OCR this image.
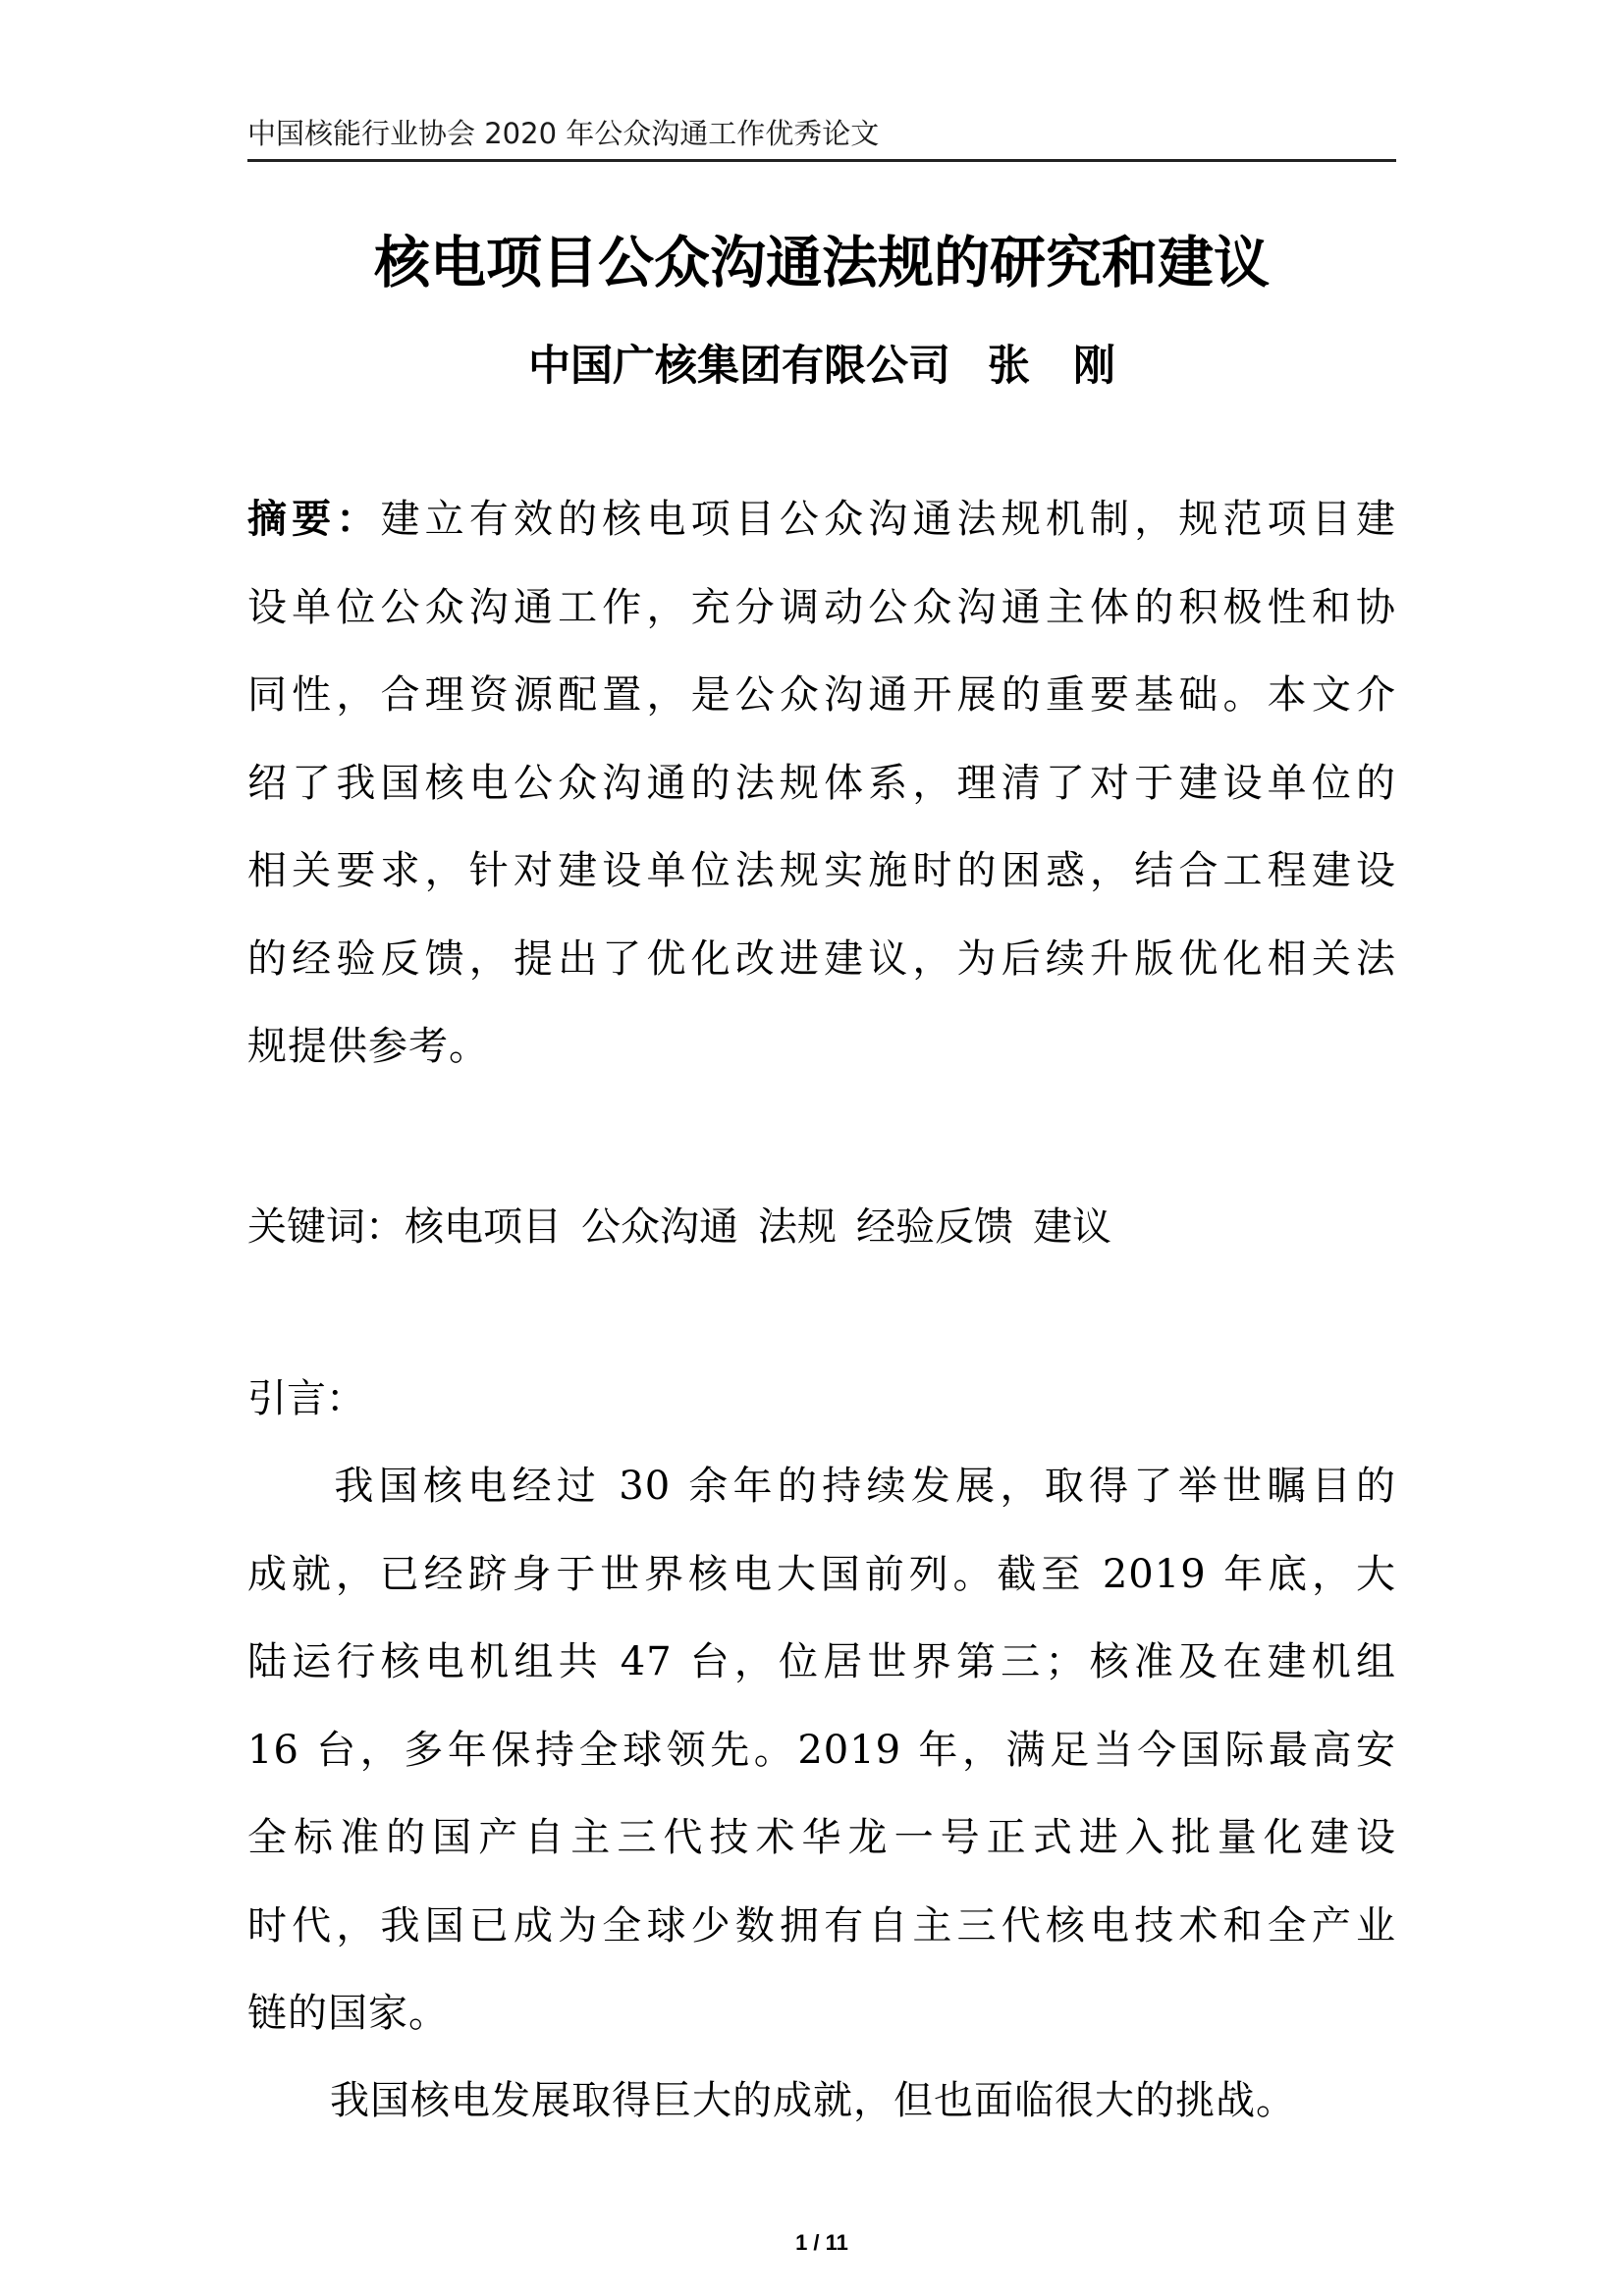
中国核能行业协会 2020 年公众沟通工作优秀论文
核电项目公众沟通法规的研究和建议
中国广核集团有限公司 张 刚
摘要：建立有效的核电项目公众沟通法规机制，规范项目建
设单位公众沟通工作，充分调动公众沟通主体的积极性和协
同性，合理资源配置，是公众沟通开展的重要基础。本文介
绍了我国核电公众沟通的法规体系，理清了对于建设单位的
相关要求，针对建设单位法规实施时的困惑，结合工程建设
的经验反馈，提出了优化改进建议，为后续升版优化相关法
规提供参考。
关键词：核电项目 公众沟通 法规 经验反馈 建议
引言：
我国核电经过 30 余年的持续发展，取得了举世瞩目的
成就，已经跻身于世界核电大国前列。截至 2019 年底，大
陆运行核电机组共 47 台，位居世界第三；核准及在建机组
16 台，多年保持全球领先。2019 年，满足当今国际最高安
全标准的国产自主三代技术华龙一号正式进入批量化建设
时代，我国已成为全球少数拥有自主三代核电技术和全产业
链的国家。
我国核电发展取得巨大的成就，但也面临很大的挑战。
1 / 11
